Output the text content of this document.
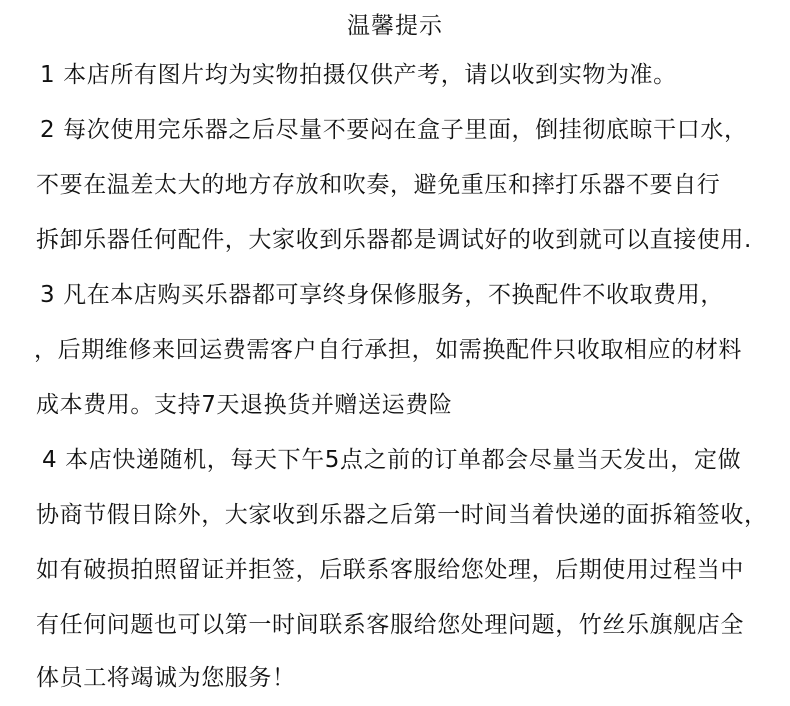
温馨提示
1 本店所有图片均为实物拍摄仅供产考，请以收到实物为准。
2 每次使用完乐器之后尽量不要闷在盒子里面，倒挂彻底晾干口水，
不要在温差太大的地方存放和吹奏，避免重压和摔打乐器不要自行
拆卸乐器任何配件，大家收到乐器都是调试好的收到就可以直接使用.
3 凡在本店购买乐器都可享终身保修服务，不换配件不收取费用，
，后期维修来回运费需客户自行承担，如需换配件只收取相应的材料
成本费用。支持7天退换货并赠送运费险
4 本店快递随机，每天下午5点之前的订单都会尽量当天发出，定做
协商节假日除外，大家收到乐器之后第一时间当着快递的面拆箱签收，
如有破损拍照留证并拒签，后联系客服给您处理，后期使用过程当中
有任何问题也可以第一时间联系客服给您处理问题，竹丝乐旗舰店全
体员工将竭诚为您服务！
